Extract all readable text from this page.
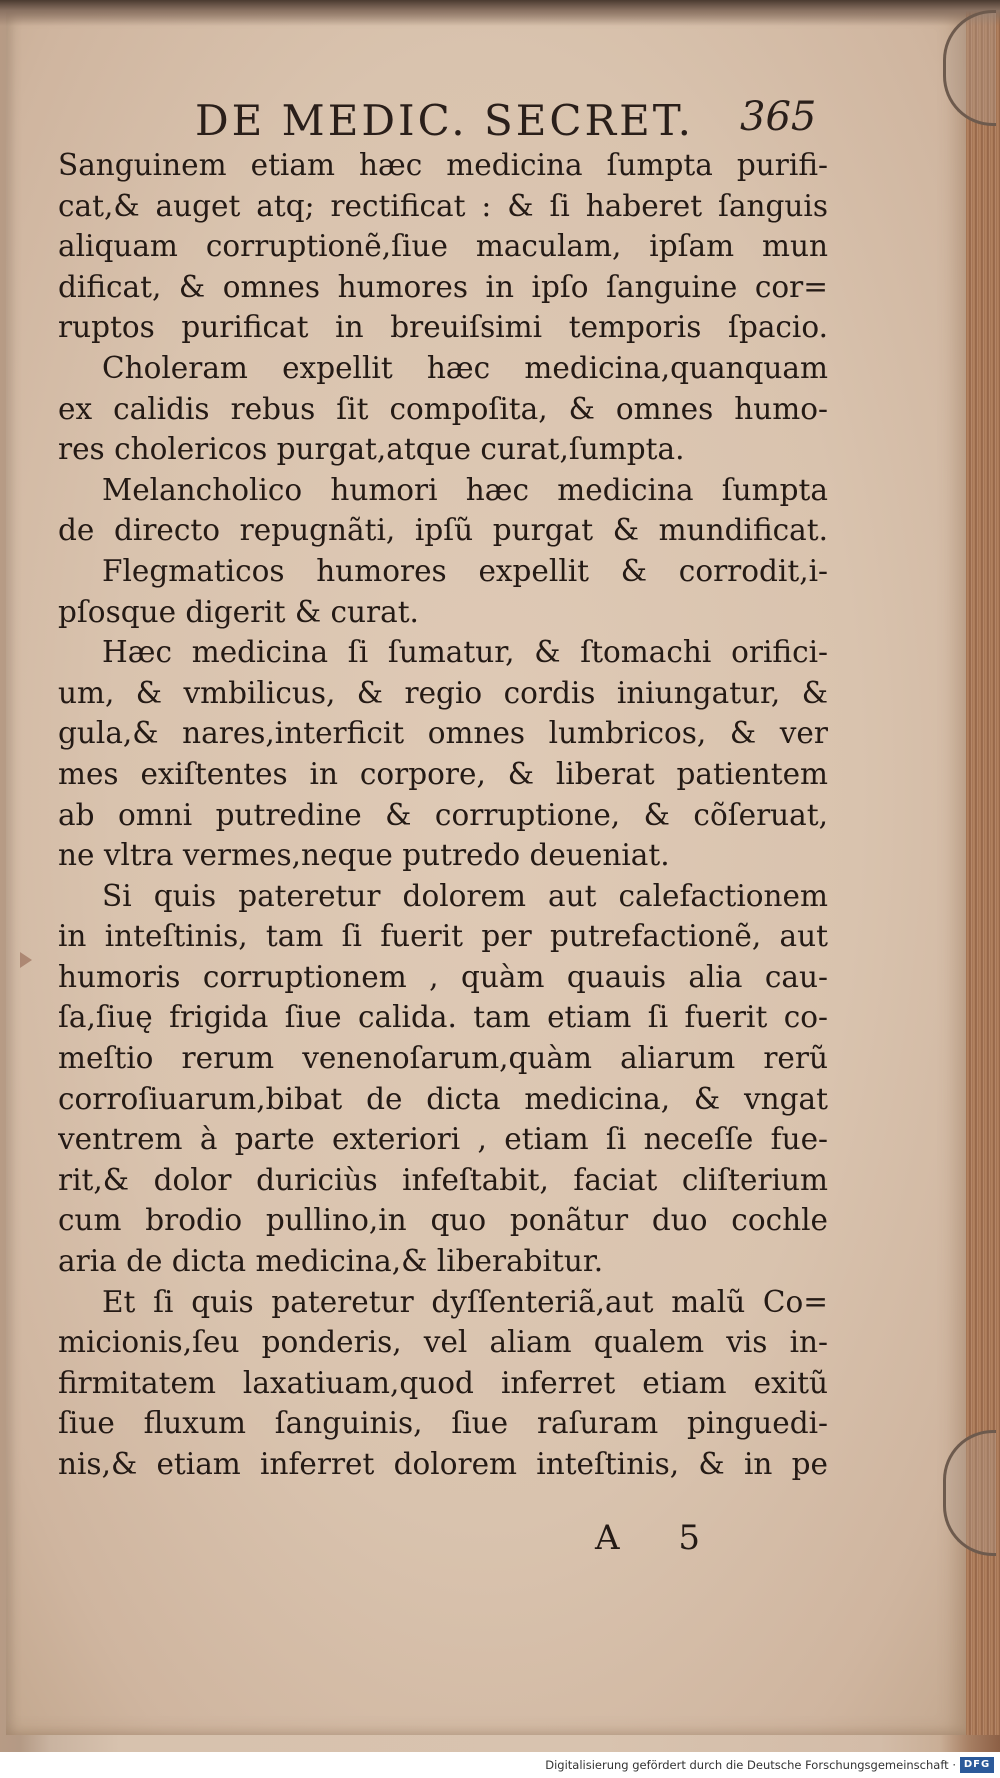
DE MEDIC. SECRET.	365
Sanguinem etiam hæc medicina ſumpta purifi-
cat,& auget atq; rectificat : & ſi haberet ſanguis
aliquam corruptionẽ,ſiue maculam, ipſam mun
dificat, & omnes humores in ipſo ſanguine cor=
ruptos purificat in breuiſsimi temporis ſpacio.
Choleram expellit hæc medicina,quanquam
ex calidis rebus ſit compoſita, & omnes humo-
res cholericos purgat,atque curat,ſumpta.
Melancholico humori hæc medicina ſumpta
de directo repugnãti, ipſũ purgat & mundificat.
Flegmaticos humores expellit & corrodit,i-
pſosque digerit & curat.
Hæc medicina ſi ſumatur, & ſtomachi orifici-
um, & vmbilicus, & regio cordis iniungatur, &
gula,& nares,interficit omnes lumbricos, & ver
mes exiſtentes in corpore, & liberat patientem
ab omni putredine & corruptione, & cõſeruat,
ne vltra vermes,neque putredo deueniat.
Si quis pateretur dolorem aut calefactionem
in inteſtinis, tam ſi fuerit per putrefactionẽ, aut
humoris corruptionem , quàm quauis alia cau-
ſa,ſiuę frigida ſiue calida. tam etiam ſi fuerit co-
meſtio rerum venenoſarum,quàm aliarum rerũ
corroſiuarum,bibat de dicta medicina, & vngat
ventrem à parte exteriori , etiam ſi neceſſe fue-
rit,& dolor duriciùs infeſtabit, faciat cliſterium
cum brodio pullino,in quo ponãtur duo cochle
aria de dicta medicina,& liberabitur.
Et ſi quis pateretur dyſſenteriã,aut malũ Co=
micionis,ſeu ponderis, vel aliam qualem vis in-
firmitatem laxatiuam,quod inferret etiam exitũ
ſiue fluxum ſanguinis, ſiue raſuram pinguedi-
nis,& etiam inferret dolorem inteſtinis, & in pe
A 5
Digitalisierung gefördert durch die Deutsche Forschungsgemeinschaft · DFG
